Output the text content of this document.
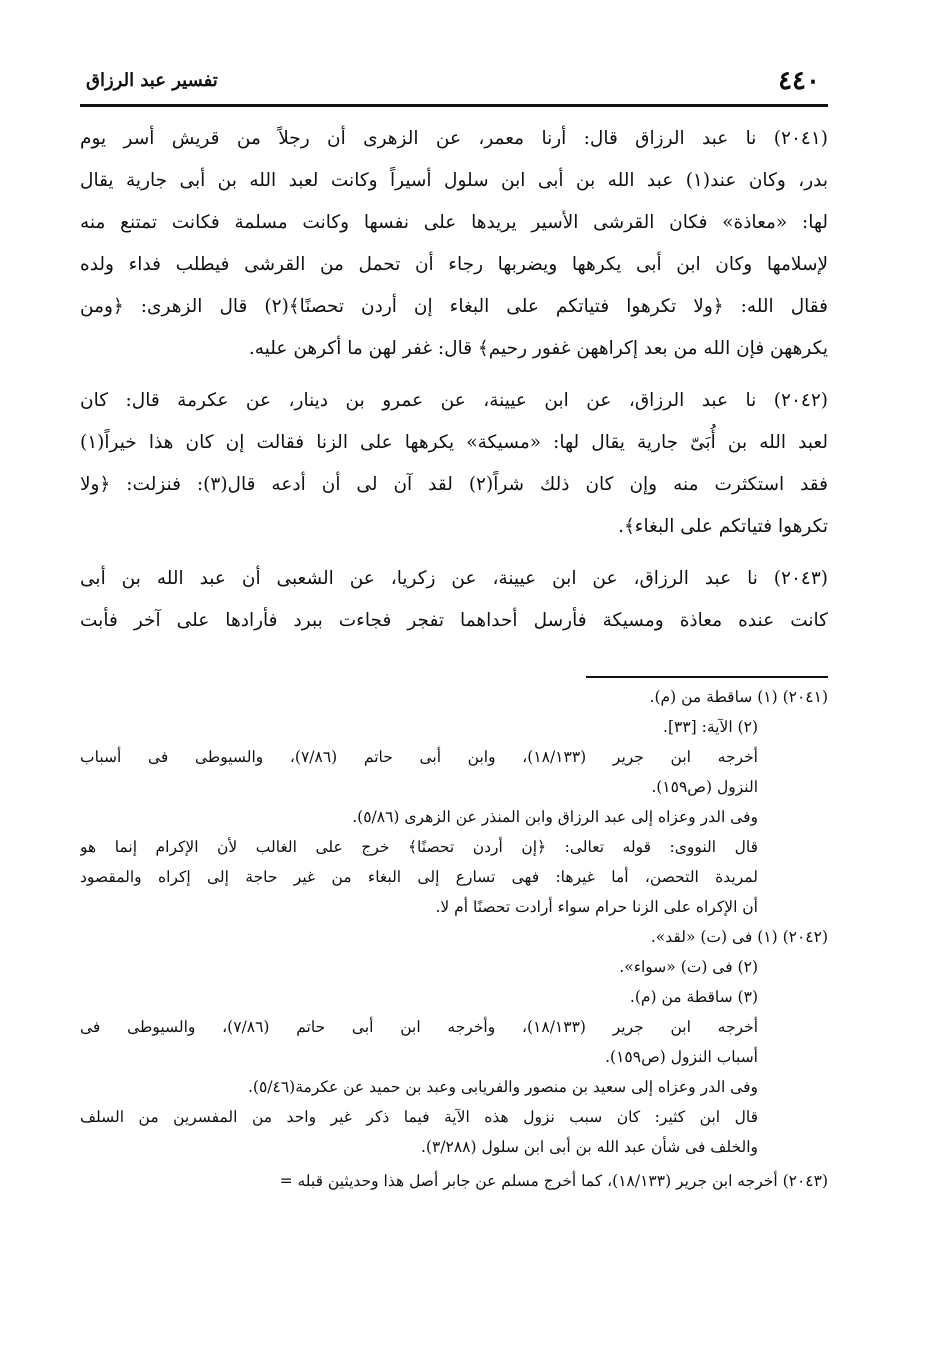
٤٤٠
تفسير عبد الرزاق
(٢٠٤١) نا عبد الرزاق قال: أرنا معمر، عن الزهرى أن رجلاً من قريش أسر يوم
بدر، وكان عند(١) عبد الله بن أبى ابن سلول أسيراً وكانت لعبد الله بن أبى جارية يقال
لها: «معاذة» فكان القرشى الأسير يريدها على نفسها وكانت مسلمة فكانت تمتنع منه
لإسلامها وكان ابن أبى يكرهها ويضربها رجاء أن تحمل من القرشى فيطلب فداء ولده
فقال الله: ﴿ولا تكرهوا فتياتكم على البغاء إن أردن تحصنًا﴾(٢) قال الزهرى: ﴿ومن
يكرههن فإن الله من بعد إكراههن غفور رحيم﴾ قال: غفر لهن ما أكرهن عليه.
(٢٠٤٢) نا عبد الرزاق، عن ابن عيينة، عن عمرو بن دينار، عن عكرمة قال: كان
لعبد الله بن أُبَىّ جارية يقال لها: «مسيكة» يكرهها على الزنا فقالت إن كان هذا خيراً(١)
فقد استكثرت منه وإن كان ذلك شراً(٢) لقد آن لى أن أدعه قال(٣): فنزلت: ﴿ولا
تكرهوا فتياتكم على البغاء﴾.
(٢٠٤٣) نا عبد الرزاق، عن ابن عيينة، عن زكريا، عن الشعبى أن عبد الله بن أبى
كانت عنده معاذة ومسيكة فأرسل أحداهما تفجر فجاءت ببرد فأرادها على آخر فأبت
(٢٠٤١) (١) ساقطة من (م).
(٢) الآية: [٣٣].
أخرجه ابن جرير (١٨/١٣٣)، وابن أبى حاتم (٧/٨٦)، والسيوطى فى أسباب
النزول (ص١٥٩).
وفى الدر وعزاه إلى عبد الرزاق وابن المنذر عن الزهرى (٥/٨٦).
قال النووى: قوله تعالى: ﴿إن أردن تحصنًا﴾ خرج على الغالب لأن الإكرام إنما هو
لمريدة التحصن، أما غيرها: فهى تسارع إلى البغاء من غير حاجة إلى إكراه والمقصود
أن الإكراه على الزنا حرام سواء أرادت تحصنًا أم لا.
(٢٠٤٢) (١) فى (ت) «لقد».
(٢) فى (ت) «سواء».
(٣) ساقطة من (م).
أخرجه ابن جرير (١٨/١٣٣)، وأخرجه ابن أبى حاتم (٧/٨٦)، والسيوطى فى
أسباب النزول (ص١٥٩).
وفى الدر وعزاه إلى سعيد بن منصور والفريابى وعبد بن حميد عن عكرمة(٥/٤٦).
قال ابن كثير: كان سبب نزول هذه الآية فيما ذكر غير واحد من المفسرين من السلف
والخلف فى شأن عبد الله بن أبى ابن سلول (٣/٢٨٨).
(٢٠٤٣) أخرجه ابن جرير (١٨/١٣٣)، كما أخرج مسلم عن جابر أصل هذا وحديثين قبله =
